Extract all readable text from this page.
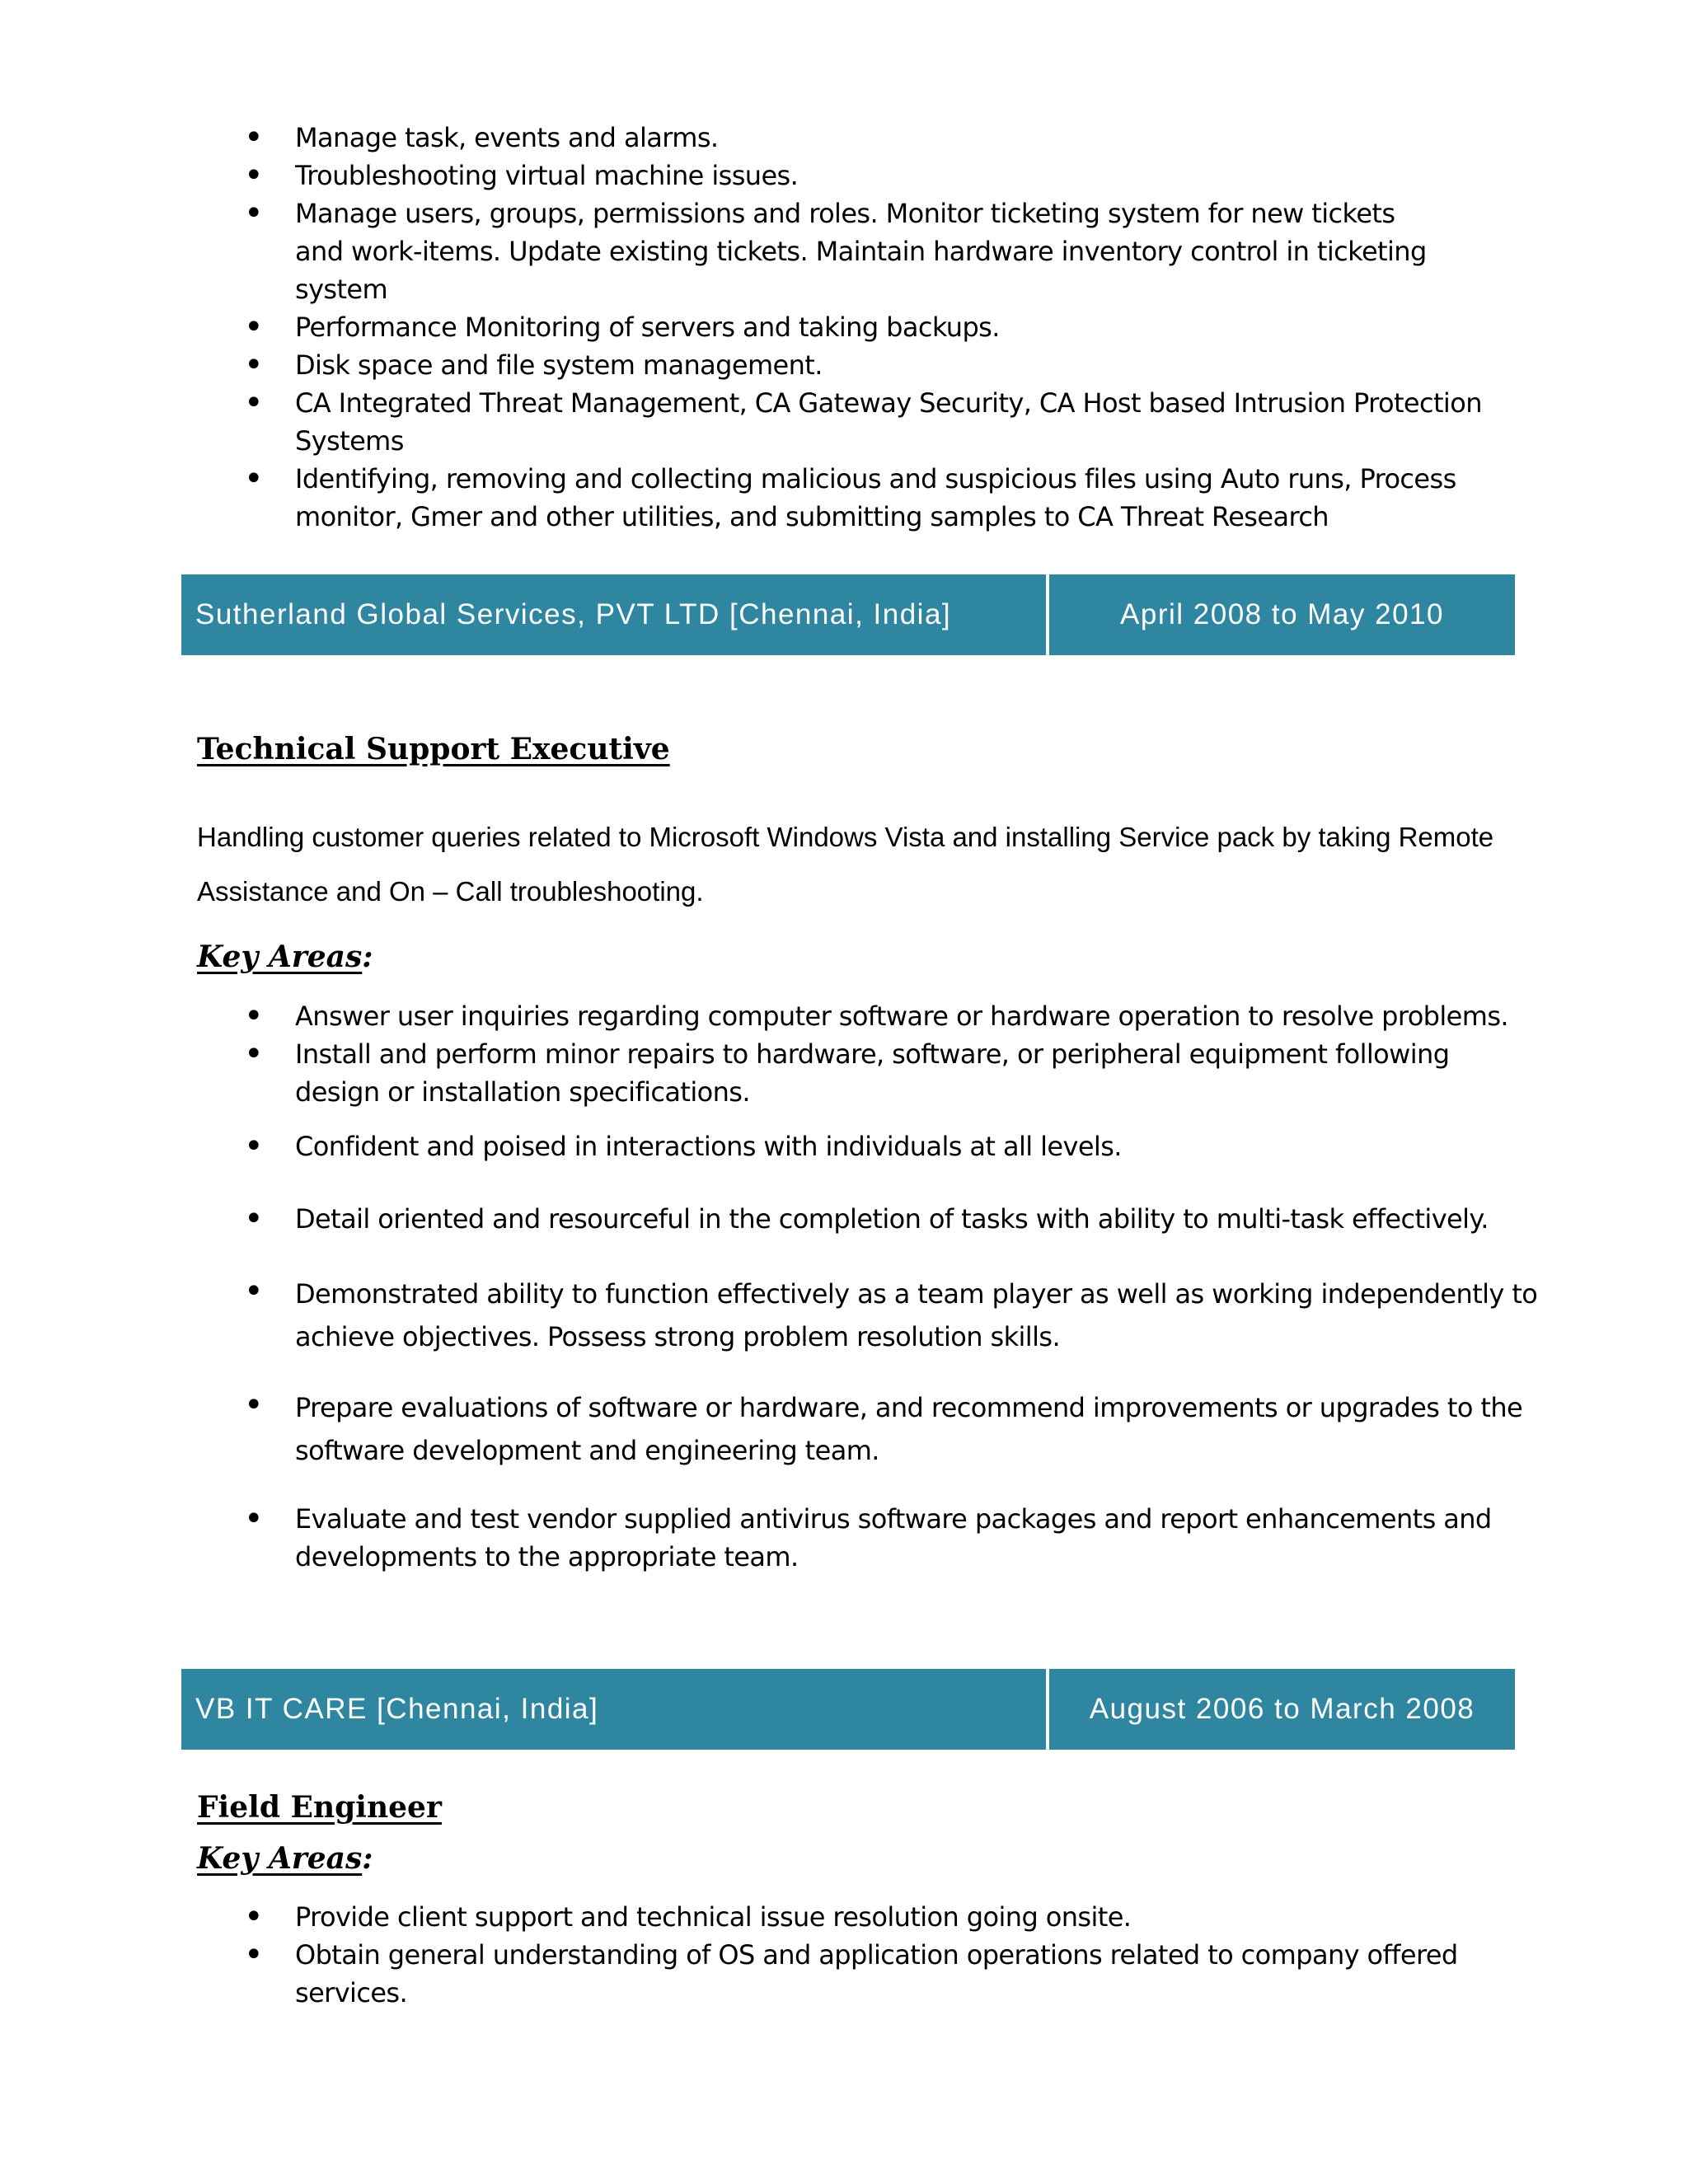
• Manage task, events and alarms.
• Troubleshooting virtual machine issues.
• Manage users, groups, permissions and roles. Monitor ticketing system for new tickets and work-items. Update existing tickets. Maintain hardware inventory control in ticketing system
• Performance Monitoring of servers and taking backups.
• Disk space and file system management.
• CA Integrated Threat Management, CA Gateway Security, CA Host based Intrusion Protection Systems
• Identifying, removing and collecting malicious and suspicious files using Auto runs, Process monitor, Gmer and other utilities, and submitting samples to CA Threat Research
Sutherland Global Services, PVT LTD [Chennai, India]	April 2008 to May 2010
Technical Support Executive

Handling customer queries related to Microsoft Windows Vista and installing Service pack by taking Remote Assistance and On – Call troubleshooting.

Key Areas:
• Answer user inquiries regarding computer software or hardware operation to resolve problems.
• Install and perform minor repairs to hardware, software, or peripheral equipment following design or installation specifications.
• Confident and poised in interactions with individuals at all levels.
• Detail oriented and resourceful in the completion of tasks with ability to multi-task effectively.
• Demonstrated ability to function effectively as a team player as well as working independently to achieve objectives. Possess strong problem resolution skills.
• Prepare evaluations of software or hardware, and recommend improvements or upgrades to the software development and engineering team.
• Evaluate and test vendor supplied antivirus software packages and report enhancements and developments to the appropriate team.
VB IT CARE [Chennai, India]	August 2006 to March 2008
Field Engineer
Key Areas:
• Provide client support and technical issue resolution going onsite.
• Obtain general understanding of OS and application operations related to company offered services.
